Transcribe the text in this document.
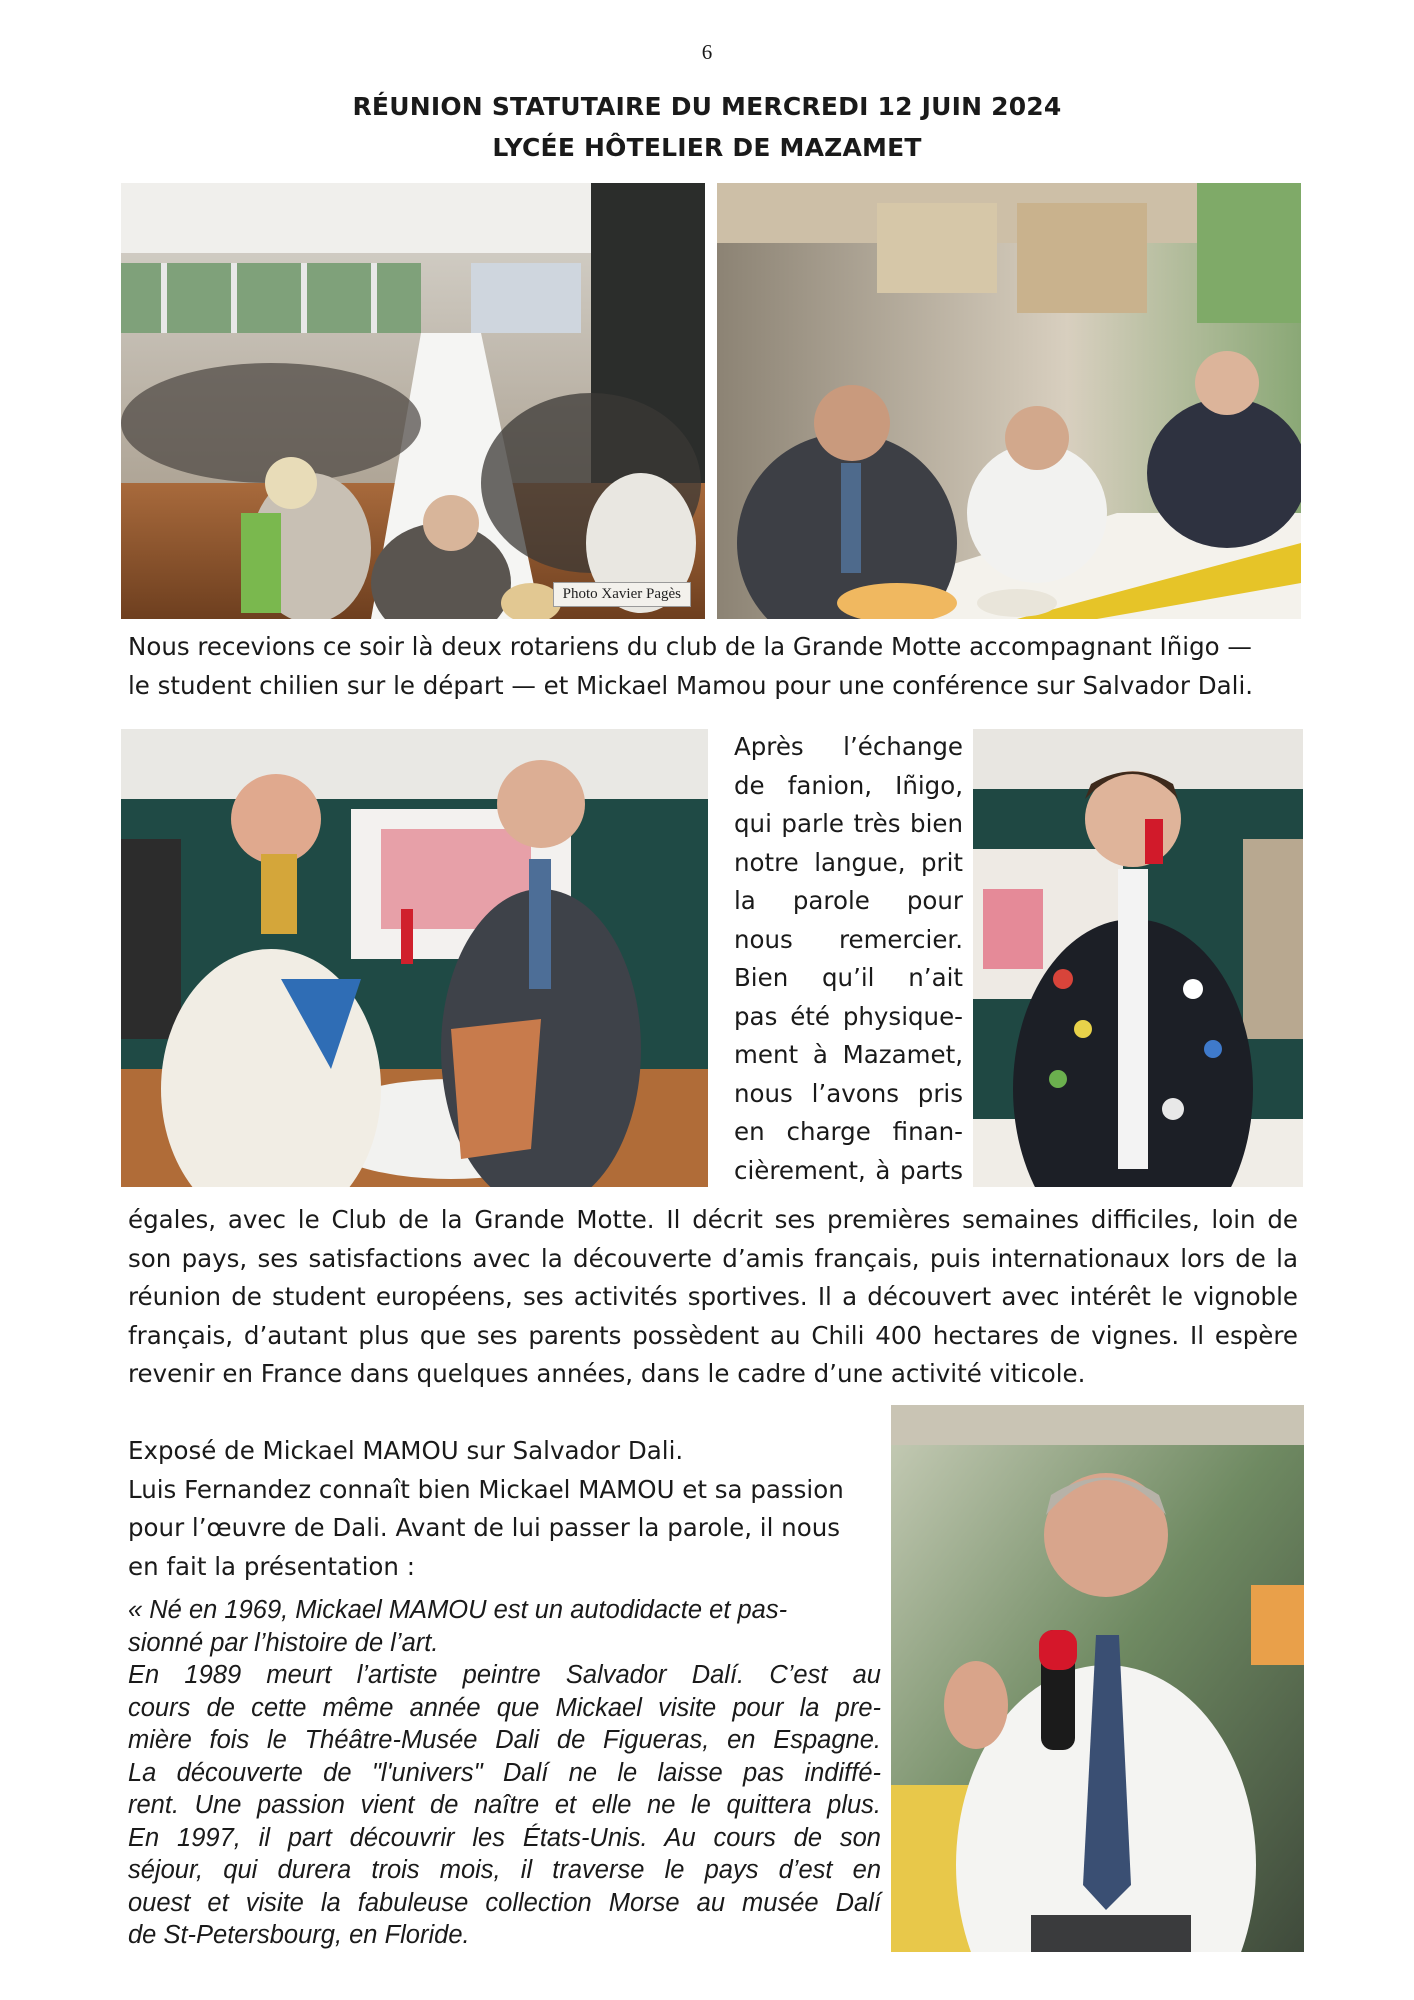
6
RÉUNION STATUTAIRE DU MERCREDI 12 JUIN 2024
LYCÉE HÔTELIER DE MAZAMET
Photo Xavier Pagès
Nous recevions ce soir là deux rotariens du club de la Grande Motte accompagnant Iñigo —
le student chilien sur le départ — et Mickael Mamou pour une conférence sur Salvador Dali.
Après l’échange
de fanion, Iñigo,
qui parle très bien
notre langue, prit
la parole pour
nous remercier.
Bien qu’il n’ait
pas été physique-
ment à Mazamet,
nous l’avons pris
en charge finan-
cièrement, à parts
égales, avec le Club de la Grande Motte. Il décrit ses premières semaines difficiles, loin de
son pays, ses satisfactions avec la découverte d’amis français, puis internationaux lors de la
réunion de student européens, ses activités sportives. Il a découvert avec intérêt le vignoble
français, d’autant plus que ses parents possèdent au Chili 400 hectares de vignes. Il espère
revenir en France dans quelques années, dans le cadre d’une activité viticole.
Exposé de Mickael MAMOU sur Salvador Dali.
Luis Fernandez connaît bien Mickael MAMOU et sa passion
pour l’œuvre de Dali. Avant de lui passer la parole, il nous
en fait la présentation :
« Né en 1969, Mickael MAMOU est un autodidacte et pas-
sionné par l’histoire de l’art.
En 1989 meurt l’artiste peintre Salvador Dalí. C’est au
cours de cette même année que Mickael visite pour la pre-
mière fois le Théâtre-Musée Dali de Figueras, en Espagne.
La découverte de "l'univers" Dalí ne le laisse pas indiffé-
rent. Une passion vient de naître et elle ne le quittera plus.
En 1997, il part découvrir les États-Unis. Au cours de son
séjour, qui durera trois mois, il traverse le pays d’est en
ouest et visite la fabuleuse collection Morse au musée Dalí
de St-Petersbourg, en Floride.
